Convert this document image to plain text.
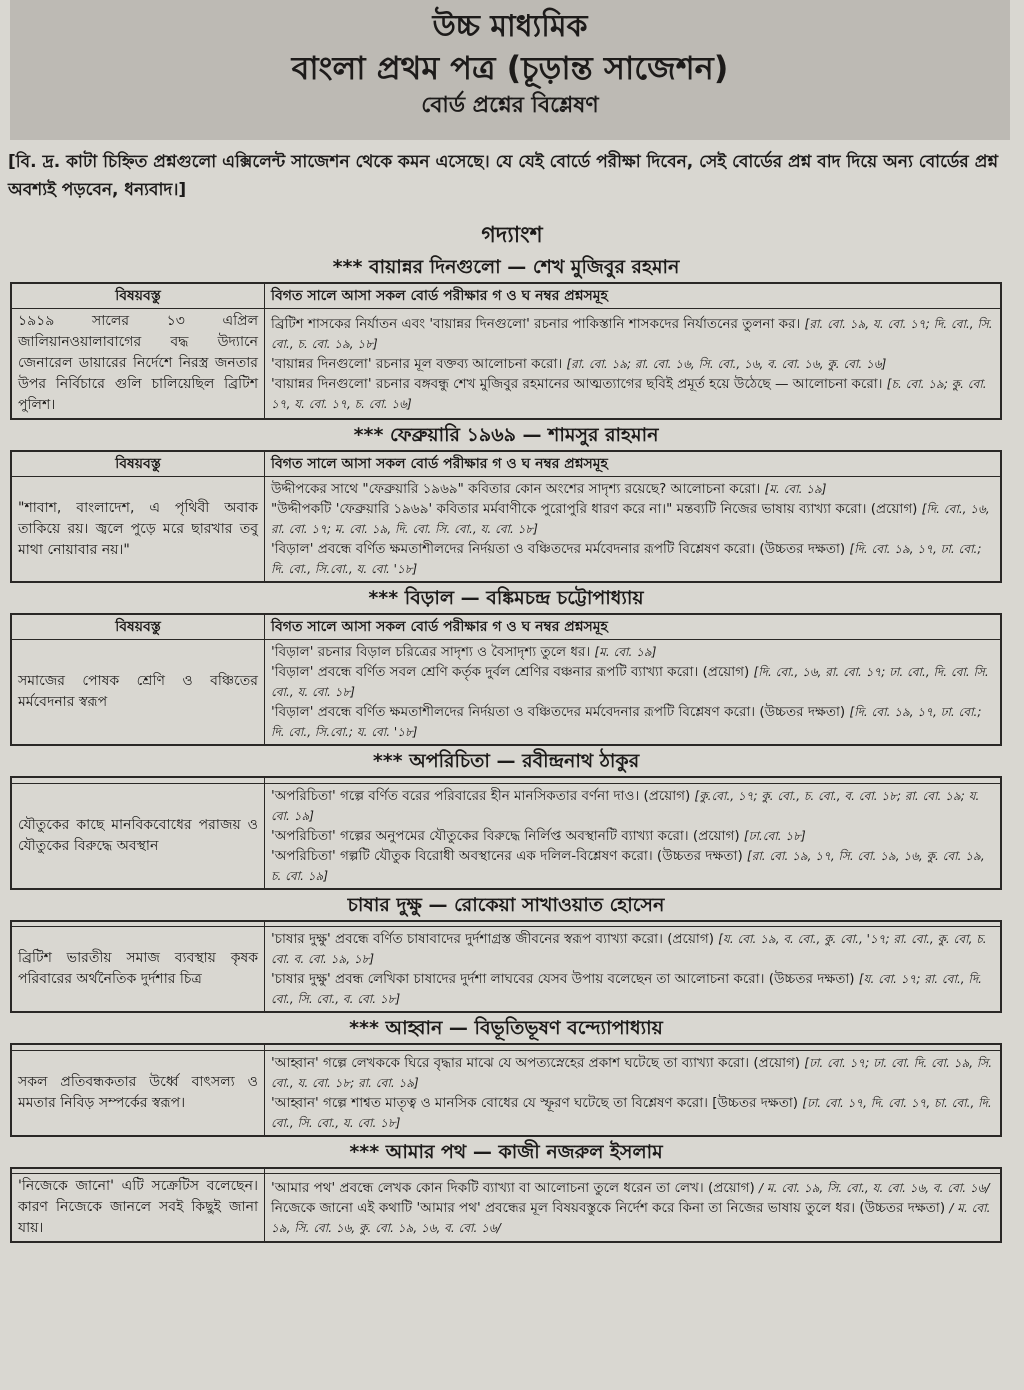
উচ্চ মাধ্যমিক
বাংলা প্রথম পত্র (চূড়ান্ত সাজেশন)
বোর্ড প্রশ্নের বিশ্লেষণ
[বি. দ্র. কাটা চিহ্নিত প্রশ্নগুলো এক্সিলেন্ট সাজেশন থেকে কমন এসেছে। যে যেই বোর্ডে পরীক্ষা দিবেন, সেই বোর্ডের প্রশ্ন বাদ দিয়ে অন্য বোর্ডের প্রশ্ন অবশ্যই পড়বেন, ধন্যবাদ।]
গদ্যাংশ
*** বায়ান্নর দিনগুলো — শেখ মুজিবুর রহমান
বিষয়বস্তু	বিগত সালে আসা সকল বোর্ড পরীক্ষার গ ও ঘ নম্বর প্রশ্নসমূহ
১৯১৯ সালের ১৩ এপ্রিল জালিয়ানওয়ালাবাগের বদ্ধ উদ্যানে জেনারেল ডায়ারের নির্দেশে নিরস্ত্র জনতার উপর নির্বিচারে গুলি চালিয়েছিল ব্রিটিশ পুলিশ।	ব্রিটিশ শাসকের নির্যাতন এবং 'বায়ান্নর দিনগুলো' রচনার পাকিস্তানি শাসকদের নির্যাতনের তুলনা কর। [রা. বো. ১৯, য. বো. ১৭; দি. বো., সি. বো., চ. বো. ১৯, ১৮]

'বায়ান্নর দিনগুলো' রচনার মূল বক্তব্য আলোচনা করো। [রা. বো. ১৯; রা. বো. ১৬, সি. বো., ১৬, ব. বো. ১৬, কু. বো. ১৬]

'বায়ান্নর দিনগুলো' রচনার বঙ্গবন্ধু শেখ মুজিবুর রহমানের আত্মত্যাগের ছবিই প্রমূর্ত হয়ে উঠেছে — আলোচনা করো। [চ. বো. ১৯; কু. বো. ১৭, য. বো. ১৭, চ. বো. ১৬]

*** ফেব্রুয়ারি ১৯৬৯ — শামসুর রাহমান
বিষয়বস্তু	বিগত সালে আসা সকল বোর্ড পরীক্ষার গ ও ঘ নম্বর প্রশ্নসমূহ
"শাবাশ, বাংলাদেশ, এ পৃথিবী অবাক তাকিয়ে রয়। জ্বলে পুড়ে মরে ছারখার তবু মাথা নোয়াবার নয়।"	উদ্দীপকের সাথে "ফেব্রুয়ারি ১৯৬৯" কবিতার কোন অংশের সাদৃশ্য রয়েছে? আলোচনা করো। [ম. বো. ১৯]

"উদ্দীপকটি 'ফেব্রুয়ারি ১৯৬৯' কবিতার মর্মবাণীকে পুরোপুরি ধারণ করে না।" মন্তব্যটি নিজের ভাষায় ব্যাখ্যা করো। (প্রয়োগ) [দি. বো., ১৬, রা. বো. ১৭; ম. বো. ১৯, দি. বো. সি. বো., য. বো. ১৮]

'বিড়াল' প্রবন্ধে বর্ণিত ক্ষমতাশীলদের নির্দয়তা ও বঞ্চিতদের মর্মবেদনার রূপটি বিশ্লেষণ করো। (উচ্চতর দক্ষতা) [দি. বো. ১৯, ১৭, ঢা. বো.; দি. বো., সি.বো., য. বো. '১৮]

*** বিড়াল — বঙ্কিমচন্দ্র চট্টোপাধ্যায়
বিষয়বস্তু	বিগত সালে আসা সকল বোর্ড পরীক্ষার গ ও ঘ নম্বর প্রশ্নসমূহ
সমাজের পোষক শ্রেণি ও বঞ্চিতের মর্মবেদনার স্বরূপ	'বিড়াল' রচনার বিড়াল চরিত্রের সাদৃশ্য ও বৈসাদৃশ্য তুলে ধর। [ম. বো. ১৯]

'বিড়াল' প্রবন্ধে বর্ণিত সবল শ্রেণি কর্তৃক দুর্বল শ্রেণির বঞ্চনার রূপটি ব্যাখ্যা করো। (প্রয়োগ) [দি. বো., ১৬, রা. বো. ১৭; ঢা. বো., দি. বো. সি. বো., য. বো. ১৮]

'বিড়াল' প্রবন্ধে বর্ণিত ক্ষমতাশীলদের নির্দয়তা ও বঞ্চিতদের মর্মবেদনার রূপটি বিশ্লেষণ করো। (উচ্চতর দক্ষতা) [দি. বো. ১৯, ১৭, ঢা. বো.; দি. বো., সি.বো.; য. বো. '১৮]

*** অপরিচিতা — রবীন্দ্রনাথ ঠাকুর

যৌতুকের কাছে মানবিকবোধের পরাজয় ও যৌতুকের বিরুদ্ধে অবস্থান	'অপরিচিতা' গল্পে বর্ণিত বরের পরিবারের হীন মানসিকতার বর্ণনা দাও। (প্রয়োগ) [কু.বো., ১৭; কু. বো., চ. বো., ব. বো. ১৮; রা. বো. ১৯; য. বো. ১৯]

'অপরিচিতা' গল্পের অনুপমের যৌতুকের বিরুদ্ধে নির্লিপ্ত অবস্থানটি ব্যাখ্যা করো। (প্রয়োগ) [ঢা.বো. ১৮]

'অপরিচিতা' গল্পটি যৌতুক বিরোধী অবস্থানের এক দলিল-বিশ্লেষণ করো। (উচ্চতর দক্ষতা) [রা. বো. ১৯, ১৭, সি. বো. ১৯, ১৬, কু. বো. ১৯, চ. বো. ১৯]

চাষার দুক্ষু — রোকেয়া সাখাওয়াত হোসেন

ব্রিটিশ ভারতীয় সমাজ ব্যবস্থায় কৃষক পরিবারের অর্থনৈতিক দুর্দশার চিত্র	'চাষার দুক্ষু' প্রবন্ধে বর্ণিত চাষাবাদের দুর্দশাগ্রস্ত জীবনের স্বরূপ ব্যাখ্যা করো। (প্রয়োগ) [য. বো. ১৯, ব. বো., কু. বো., '১৭; রা. বো., কু. বো, চ. বো. ব. বো. ১৯, ১৮]

'চাষার দুক্ষু' প্রবন্ধ লেখিকা চাষাদের দুর্দশা লাঘবের যেসব উপায় বলেছেন তা আলোচনা করো। (উচ্চতর দক্ষতা) [য. বো. ১৭; রা. বো., দি. বো., সি. বো., ব. বো. ১৮]

*** আহ্বান — বিভূতিভূষণ বন্দ্যোপাধ্যায়

সকল প্রতিবন্ধকতার উর্ধ্বে বাৎসল্য ও মমতার নিবিড় সম্পর্কের স্বরূপ।	'আহ্বান' গল্পে লেখককে ঘিরে বৃদ্ধার মাঝে যে অপত্যস্নেহের প্রকাশ ঘটেছে তা ব্যাখ্যা করো। (প্রয়োগ) [ঢা. বো. ১৭; ঢা. বো. দি. বো. ১৯, সি. বো., য. বো. ১৮; রা. বো. ১৯]

'আহ্বান' গল্পে শাশ্বত মাতৃত্ব ও মানসিক বোধের যে স্ফূরণ ঘটেছে তা বিশ্লেষণ করো। [উচ্চতর দক্ষতা) [ঢা. বো. ১৭, দি. বো. ১৭, চা. বো., দি. বো., সি. বো., য. বো. ১৮]

*** আমার পথ — কাজী নজরুল ইসলাম

'নিজেকে জানো' এটি সক্রেটিস বলেছেন। কারণ নিজেকে জানলে সবই কিছুই জানা যায়।	'আমার পথ' প্রবন্ধে লেখক কোন দিকটি ব্যাখ্যা বা আলোচনা তুলে ধরেন তা লেখ। (প্রয়োগ) / ম. বো. ১৯, সি. বো., য. বো. ১৬, ব. বো. ১৬/

নিজেকে জানো এই কথাটি 'আমার পথ' প্রবন্ধের মূল বিষয়বস্তুকে নির্দেশ করে কিনা তা নিজের ভাষায় তুলে ধর। (উচ্চতর দক্ষতা) / ম. বো. ১৯, সি. বো. ১৬, কু. বো. ১৯, ১৬, ব. বো. ১৬/
